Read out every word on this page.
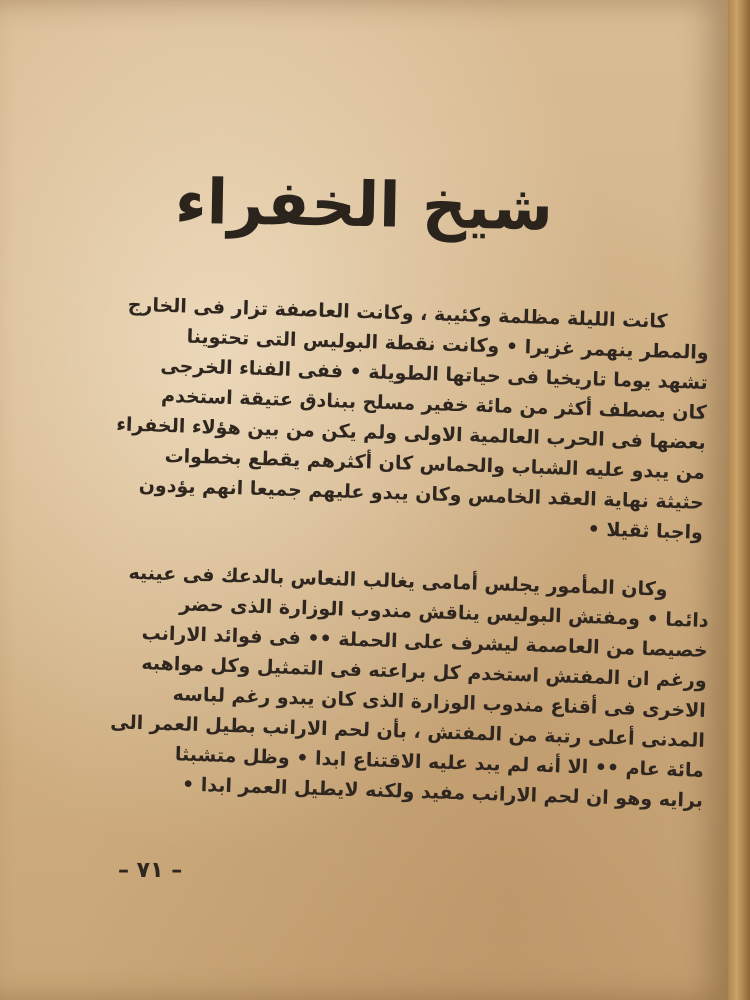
شيخ الخفراء
كانت الليلة مظلمة وكئيبة ، وكانت العاصفة تزار فى الخارج
والمطر ينهمر غزيرا • وكانت نقطة البوليس التى تحتوينا
تشهد يوما تاريخيا فى حياتها الطويلة • ففى الفناء الخرجى
كان يصطف أكثر من مائة خفير مسلح ببنادق عتيقة استخدم
بعضها فى الحرب العالمية الاولى ولم يكن من بين هؤلاء الخفراء
من يبدو عليه الشباب والحماس كان أكثرهم يقطع بخطوات
حثيثة نهاية العقد الخامس وكان يبدو عليهم جميعا انهم يؤدون
واجبا ثقيلا •
وكان المأمور يجلس أمامى يغالب النعاس بالدعك فى عينيه
دائما • ومفتش البوليس يناقش مندوب الوزارة الذى حضر
خصيصا من العاصمة ليشرف على الحملة •• فى فوائد الارانب
ورغم ان المفتش استخدم كل براعته فى التمثيل وكل مواهبه
الاخرى فى أقناع مندوب الوزارة الذى كان يبدو رغم لباسه
المدنى أعلى رتبة من المفتش ، بأن لحم الارانب بطيل العمر الى
مائة عام •• الا أنه لم يبد عليه الاقتناع ابدا • وظل متشبثا
برايه وهو ان لحم الارانب مفيد ولكنه لايطيل العمر ابدا •
– ٧١ –
